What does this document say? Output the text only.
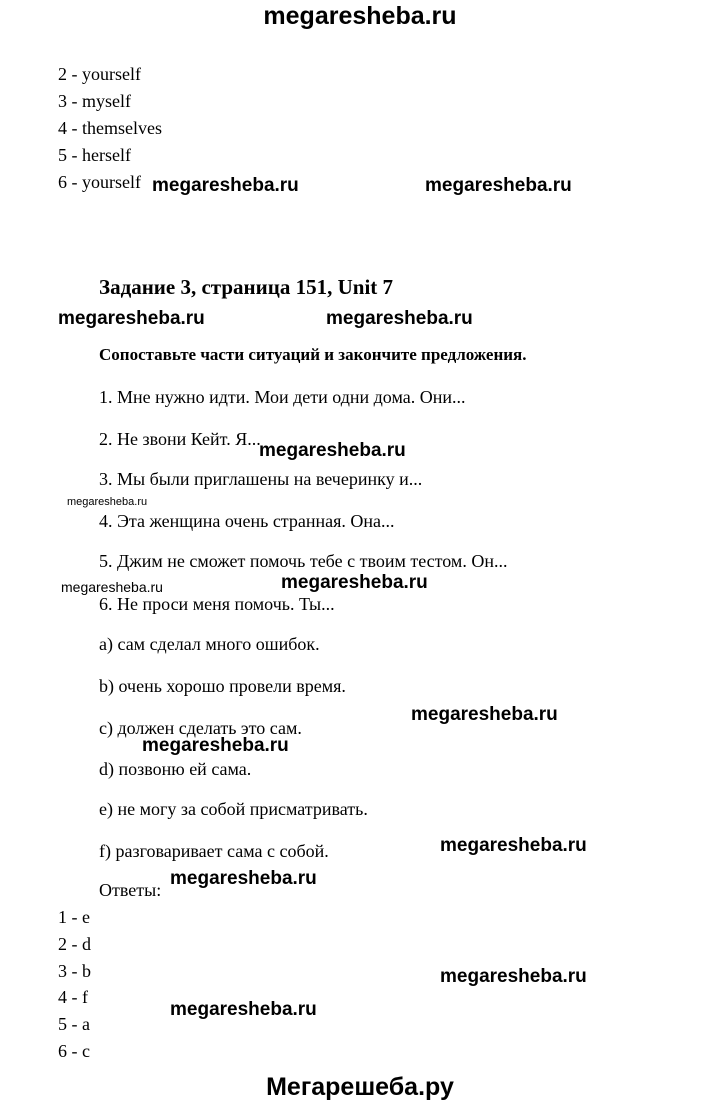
megaresheba.ru
2 - yourself
3 - myself
4 - themselves
5 - herself
6 - yourself
Задание 3, страница 151, Unit 7
Сопоставьте части ситуаций и закончите предложения.
1. Мне нужно идти. Мои дети одни дома. Они...
2. Не звони Кейт. Я...
3. Мы были приглашены на вечеринку и...
4. Эта женщина очень странная. Она...
5. Джим не сможет помочь тебе с твоим тестом. Он...
6. Не проси меня помочь. Ты...
a) сам сделал много ошибок.
b) очень хорошо провели время.
c) должен сделать это сам.
d) позвоню ей сама.
e) не могу за собой присматривать.
f) разговаривает сама с собой.
Ответы:
1 - e
2 - d
3 - b
4 - f
5 - a
6 - c
megaresheba.ru	megaresheba.ru
megaresheba.ru	megaresheba.ru
megaresheba.ru
megaresheba.ru
megaresheba.ru	megaresheba.ru
megaresheba.ru
megaresheba.ru
megaresheba.ru
megaresheba.ru
megaresheba.ru
megaresheba.ru
Мегарешеба.ру
